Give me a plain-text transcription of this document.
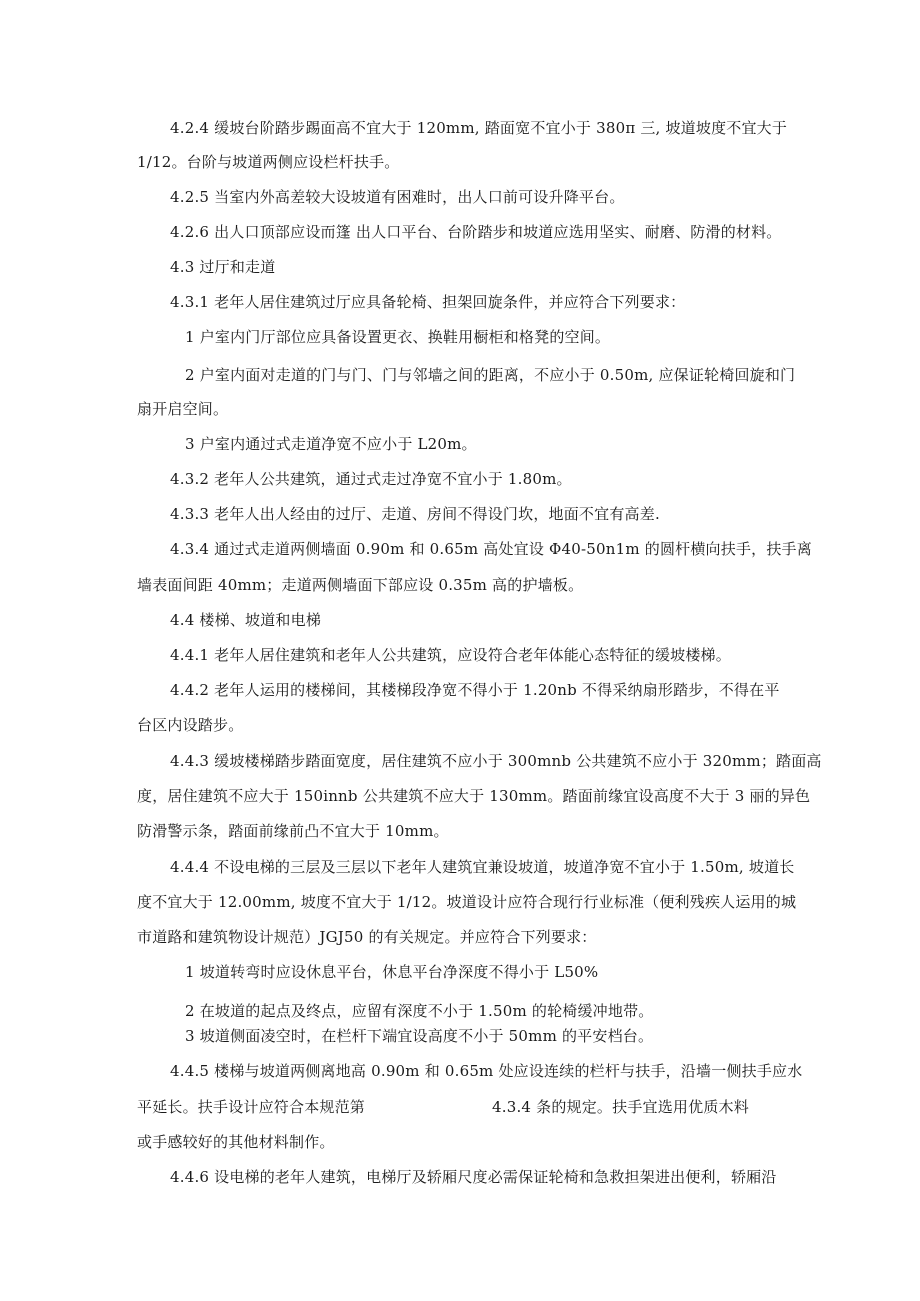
4.2.4 缓坡台阶踏步踢面高不宜大于 120mm, 踏面宽不宜小于 380π 三, 坡道坡度不宜大于
1/12。台阶与坡道两侧应设栏杆扶手。
4.2.5 当室内外高差较大设坡道有困难时，出人口前可设升降平台。
4.2.6 出人口顶部应设而篷 出人口平台、台阶踏步和坡道应选用坚实、耐磨、防滑的材料。
4.3 过厅和走道
4.3.1 老年人居住建筑过厅应具备轮椅、担架回旋条件，并应符合下列要求：
1 户室内门厅部位应具备设置更衣、换鞋用橱柜和格凳的空间。
2 户室内面对走道的门与门、门与邻墙之间的距离，不应小于 0.50m, 应保证轮椅回旋和门
扇开启空间。
3 户室内通过式走道净宽不应小于 L20m。
4.3.2 老年人公共建筑，通过式走过净宽不宜小于 1.80m。
4.3.3 老年人出人经由的过厅、走道、房间不得设门坎，地面不宜有高差.
4.3.4 通过式走道两侧墙面 0.90m 和 0.65m 高处宜设 Φ40-50n1m 的圆杆横向扶手，扶手离
墙表面间距 40mm；走道两侧墙面下部应设 0.35m 高的护墙板。
4.4 楼梯、坡道和电梯
4.4.1 老年人居住建筑和老年人公共建筑，应设符合老年体能心态特征的缓坡楼梯。
4.4.2 老年人运用的楼梯间，其楼梯段净宽不得小于 1.20nb 不得采纳扇形踏步，不得在平
台区内设踏步。
4.4.3 缓坡楼梯踏步踏面宽度，居住建筑不应小于 300mnb 公共建筑不应小于 320mm；踏面高
度，居住建筑不应大于 150ⅰnnb 公共建筑不应大于 130mm。踏面前缘宜设高度不大于 3 丽的异色
防滑警示条，踏面前缘前凸不宜大于 10mm。
4.4.4 不设电梯的三层及三层以下老年人建筑宜兼设坡道，坡道净宽不宜小于 1.50m, 坡道长
度不宜大于 12.00mm, 坡度不宜大于 1/12。坡道设计应符合现行行业标准（便利残疾人运用的城
市道路和建筑物设计规范）JGJ50 的有关规定。并应符合下列要求：
1 坡道转弯时应设休息平台，休息平台净深度不得小于 L50%
2 在坡道的起点及终点，应留有深度不小于 1.50m 的轮椅缓冲地带。
3 坡道侧面凌空时，在栏杆下端宜设高度不小于 50mm 的平安档台。
4.4.5 楼梯与坡道两侧离地高 0.90m 和 0.65m 处应设连续的栏杆与扶手，沿墙一侧扶手应水
平延长。扶手设计应符合本规范第	4.3.4 条的规定。扶手宜选用优质木料
或手感较好的其他材料制作。
4.4.6 设电梯的老年人建筑，电梯厅及轿厢尺度必需保证轮椅和急救担架进出便利，轿厢沿
